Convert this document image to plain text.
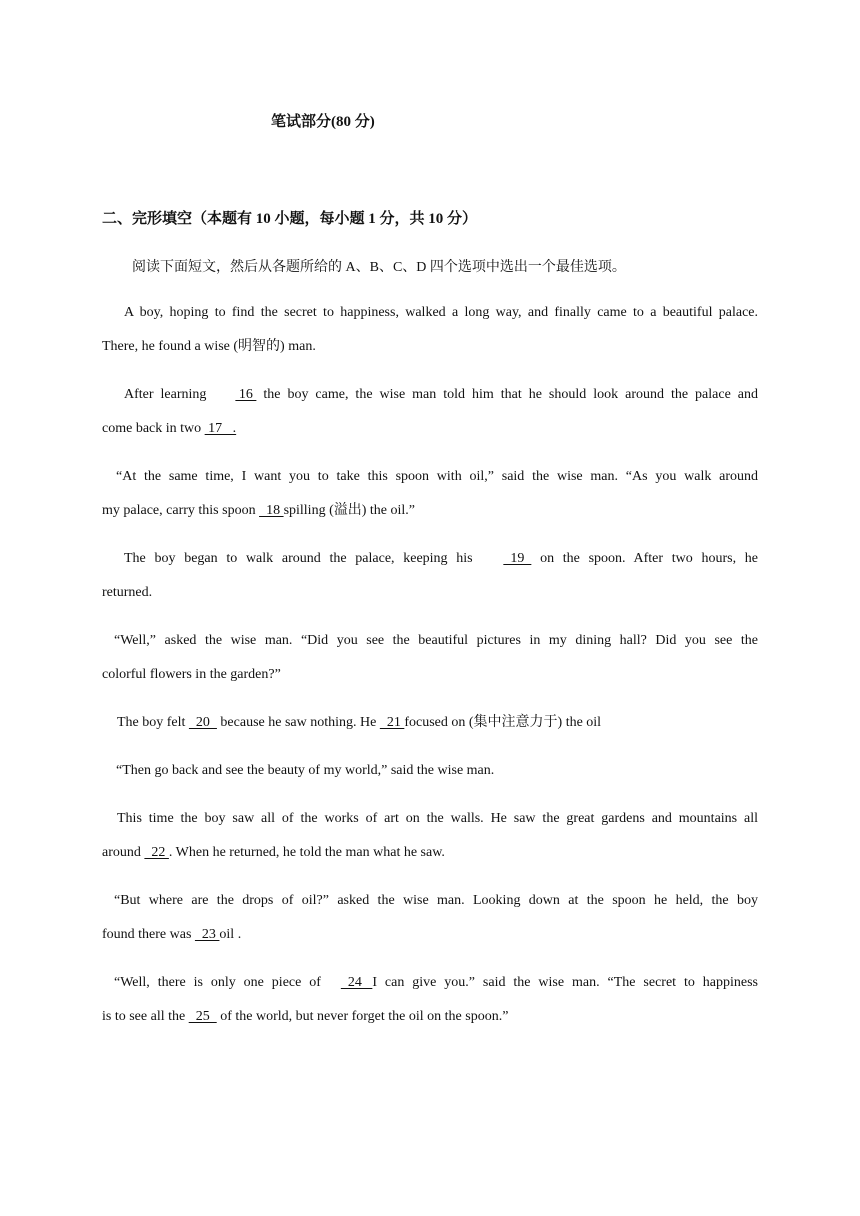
笔试部分(80 分)
二、完形填空（本题有 10 小题，每小题 1 分，共 10 分）
阅读下面短文，然后从各题所给的 A、B、C、D 四个选项中选出一个最佳选项。
A boy, hoping to find the secret to happiness, walked a long way, and finally came to a beautiful palace.
There, he found a wise (明智的) man.
After learning  16  the boy came, the wise man told him that he should look around the palace and
come back in two  17   .
“At the same time, I want you to take this spoon with oil,” said the wise man. “As you walk around
my palace, carry this spoon   18 spilling (溢出) the oil.”
The boy began to walk around the palace, keeping his   19   on the spoon. After two hours, he
returned.
“Well,” asked the wise man. “Did you see the beautiful pictures in my dining hall? Did you see the
colorful flowers in the garden?”
The boy felt   20   because he saw nothing. He   21 focused on (集中注意力于) the oil
“Then go back and see the beauty of my world,” said the wise man.
This time the boy saw all of the works of art on the walls. He saw the great gardens and mountains all
around   22 . When he returned, he told the man what he saw.
“But where are the drops of oil?” asked the wise man. Looking down at the spoon he held, the boy
found there was   23 oil .
“Well, there is only one piece of   24   I can give you.” said the wise man. “The secret to happiness
is to see all the   25   of the world, but never forget the oil on the spoon.”
